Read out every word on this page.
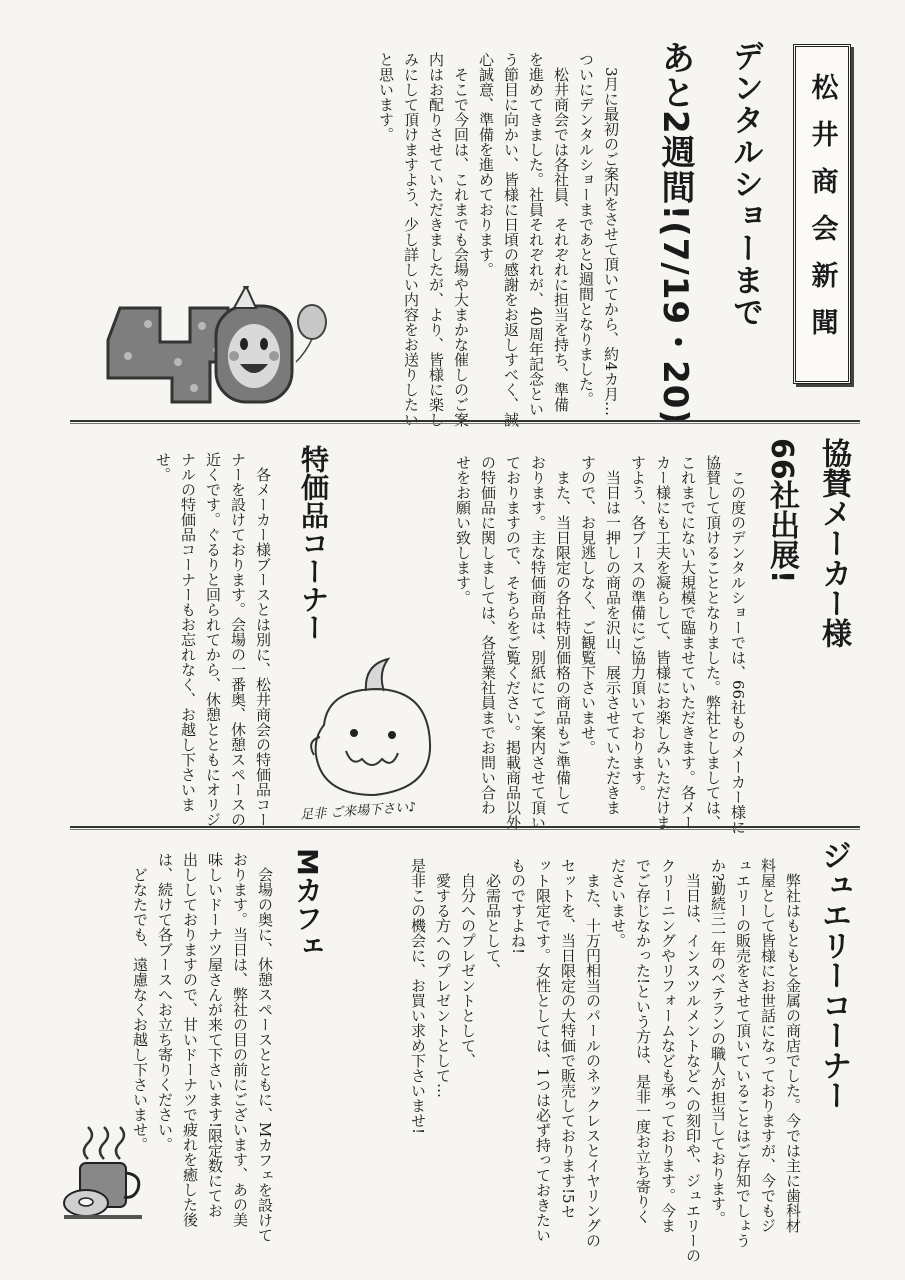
松井商会新聞
デンタルショーまで
あと2週間!(7/19・20)
　3月に最初のご案内をさせて頂いてから、約4カ月…
ついにデンタルショーまであと2週間となりました。
　松井商会では各社員、それぞれに担当を持ち、準備
を進めてきました。社員それぞれが、40周年記念とい
う節目に向かい、皆様に日頃の感謝をお返しすべく、誠
心誠意、準備を進めております。
　そこで今回は、これまでも会場や大まかな催しのご案
内はお配りさせていただきましたが、より、皆様に楽し
みにして頂けますよう、少し詳しい内容をお送りしたい
と思います。
協賛メーカー様
66社出展!
　この度のデンタルショーでは、66社ものメーカー様に
協賛して頂けることとなりました。弊社としましては、
これまでにない大規模で臨ませていただきます。各メー
カー様にも工夫を凝らして、皆様にお楽しみいただけま
すよう、各ブースの準備にご協力頂いております。
　当日は一押しの商品を沢山、展示させていただきま
すので、お見逃しなく、ご観覧下さいませ。
　また、当日限定の各社特別価格の商品もご準備して
おります。主な特価商品は、別紙にてご案内させて頂い
ておりますので、そちらをご覧ください。掲載商品以外
の特価品に関しましては、各営業社員までお問い合わ
せをお願い致します。
特価品コーナー
　各メーカー様ブースとは別に、松井商会の特価品コー
ナーを設けております。会場の一番奥、休憩スペースの
近くです。ぐるりと回られてから、休憩とともにオリジ
ナルの特価品コーナーもお忘れなく、お越し下さいま
せ。
足非 ご来場下さい♪
ジュエリーコーナー
　弊社はもともと金属の商店でした。今では主に歯科材
料屋として皆様にお世話になっておりますが、今でもジ
ュエリーの販売をさせて頂いていることはご存知でしょう
か?勤続三一年のベテランの職人が担当しております。
　当日は、インスツルメントなどへの刻印や、ジュエリーの
クリーニングやリフォームなども承っております。今ま
でご存じなかった!という方は、是非一度お立ち寄りく
ださいませ。
　また、十万円相当のパールのネックレスとイヤリングの
セットを、当日限定の大特価で販売しております!5セ
ット限定です。女性としては、1つは必ず持っておきたい
ものですよね!
　必需品として、
　自分へのプレゼントとして、
　愛する方へのプレゼントとして…
是非この機会に、お買い求め下さいませ!
Mカフェ
　会場の奥に、休憩スペースとともに、Mカフェを設けて
おります。当日は、弊社の目の前にございます、あの美
味しいドーナツ屋さんが来て下さいます!限定数にてお
出ししておりますので、甘いドーナツで疲れを癒した後
は、続けて各ブースへお立ち寄りください。
　どなたでも、遠慮なくお越し下さいませ。
